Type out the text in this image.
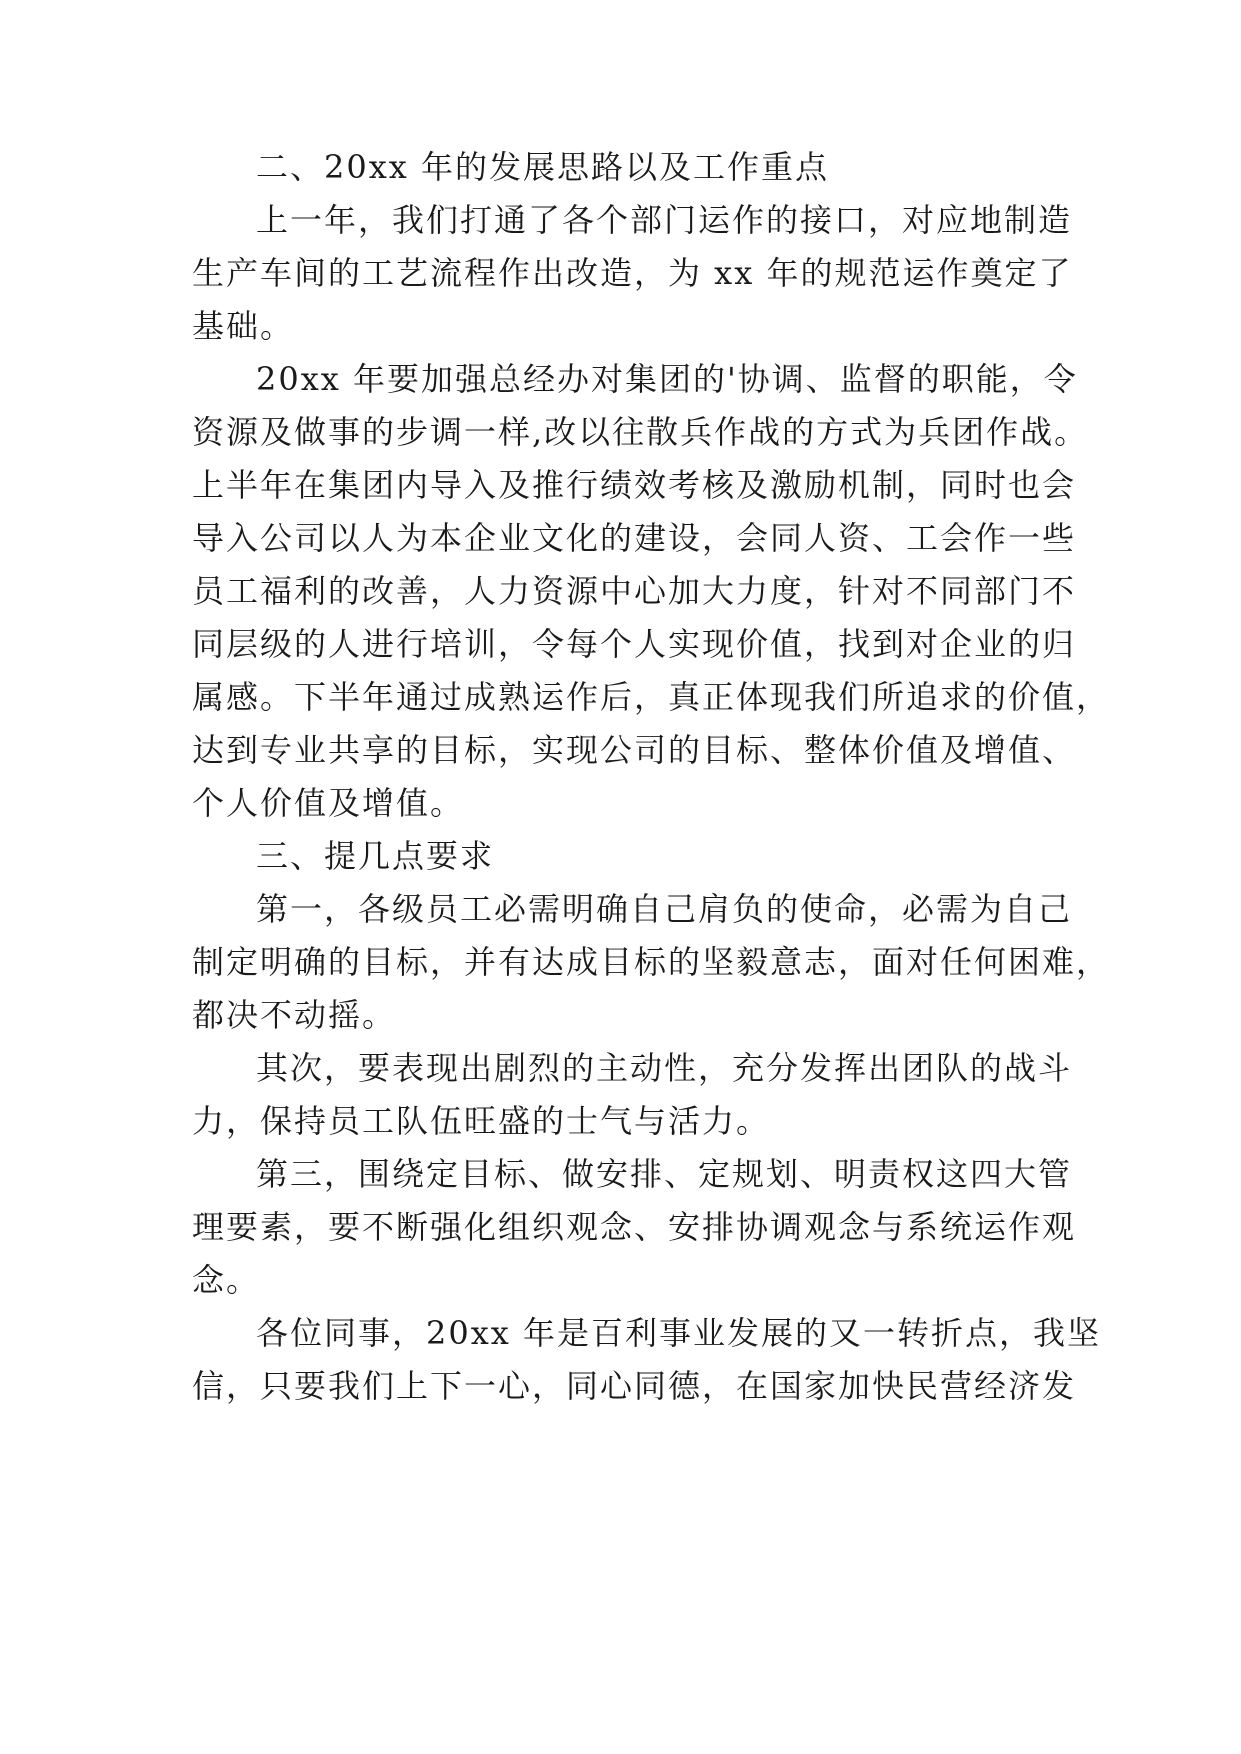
二、20xx 年的发展思路以及工作重点
上一年，我们打通了各个部门运作的接口，对应地制造
生产车间的工艺流程作出改造，为 xx 年的规范运作奠定了
基础。
20xx 年要加强总经办对集团的'协调、监督的职能，令
资源及做事的步调一样,改以往散兵作战的方式为兵团作战。
上半年在集团内导入及推行绩效考核及激励机制，同时也会
导入公司以人为本企业文化的建设，会同人资、工会作一些
员工福利的改善，人力资源中心加大力度，针对不同部门不
同层级的人进行培训，令每个人实现价值，找到对企业的归
属感。下半年通过成熟运作后，真正体现我们所追求的价值，
达到专业共享的目标，实现公司的目标、整体价值及增值、
个人价值及增值。
三、提几点要求
第一，各级员工必需明确自己肩负的使命，必需为自己
制定明确的目标，并有达成目标的坚毅意志，面对任何困难，
都决不动摇。
其次，要表现出剧烈的主动性，充分发挥出团队的战斗
力，保持员工队伍旺盛的士气与活力。
第三，围绕定目标、做安排、定规划、明责权这四大管
理要素，要不断强化组织观念、安排协调观念与系统运作观
念。
各位同事，20xx 年是百利事业发展的又一转折点，我坚
信，只要我们上下一心，同心同德，在国家加快民营经济发
